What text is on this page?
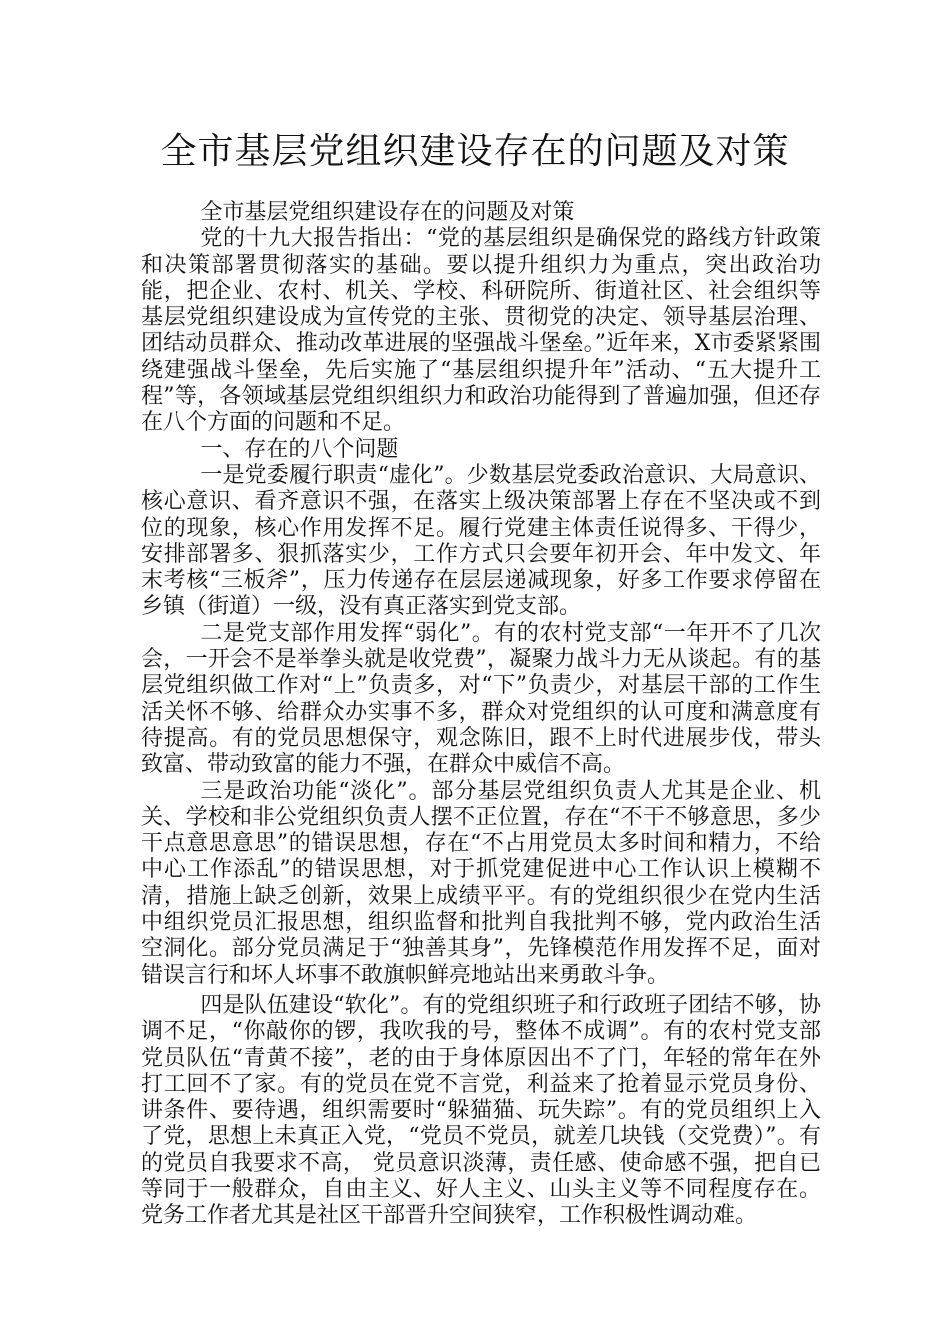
全市基层党组织建设存在的问题及对策

全市基层党组织建设存在的问题及对策

党的十九大报告指出：“党的基层组织是确保党的路线方针政策和决策部署贯彻落实的基础。要以提升组织力为重点，突出政治功能，把企业、农村、机关、学校、科研院所、街道社区、社会组织等基层党组织建设成为宣传党的主张、贯彻党的决定、领导基层治理、团结动员群众、推动改革进展的坚强战斗堡垒。”近年来，X市委紧紧围绕建强战斗堡垒，先后实施了“基层组织提升年”活动、“五大提升工程”等，各领域基层党组织组织力和政治功能得到了普遍加强，但还存在八个方面的问题和不足。

一、存在的八个问题

一是党委履行职责“虚化”。少数基层党委政治意识、大局意识、核心意识、看齐意识不强，在落实上级决策部署上存在不坚决或不到位的现象，核心作用发挥不足。履行党建主体责任说得多、干得少，安排部署多、狠抓落实少，工作方式只会要年初开会、年中发文、年末考核“三板斧”，压力传递存在层层递减现象，好多工作要求停留在乡镇（街道）一级，没有真正落实到党支部。

二是党支部作用发挥“弱化”。有的农村党支部“一年开不了几次会，一开会不是举拳头就是收党费”，凝聚力战斗力无从谈起。有的基层党组织做工作对“上”负责多，对“下”负责少，对基层干部的工作生活关怀不够、给群众办实事不多，群众对党组织的认可度和满意度有待提高。有的党员思想保守，观念陈旧，跟不上时代进展步伐，带头致富、带动致富的能力不强，在群众中威信不高。

三是政治功能“淡化”。部分基层党组织负责人尤其是企业、机关、学校和非公党组织负责人摆不正位置，存在“不干不够意思，多少干点意思意思”的错误思想，存在“不占用党员太多时间和精力，不给中心工作添乱”的错误思想，对于抓党建促进中心工作认识上模糊不清，措施上缺乏创新，效果上成绩平平。有的党组织很少在党内生活中组织党员汇报思想，组织监督和批判自我批判不够，党内政治生活空洞化。部分党员满足于“独善其身”，先锋模范作用发挥不足，面对错误言行和坏人坏事不敢旗帜鲜亮地站出来勇敢斗争。

四是队伍建设“软化”。有的党组织班子和行政班子团结不够，协调不足，“你敲你的锣，我吹我的号，整体不成调”。有的农村党支部党员队伍“青黄不接”，老的由于身体原因出不了门，年轻的常年在外打工回不了家。有的党员在党不言党，利益来了抢着显示党员身份、讲条件、要待遇，组织需要时“躲猫猫、玩失踪”。有的党员组织上入了党，思想上未真正入党，“党员不党员，就差几块钱（交党费）”。有的党员自我要求不高， 党员意识淡薄，责任感、使命感不强，把自已等同于一般群众，自由主义、好人主义、山头主义等不同程度存在。党务工作者尤其是社区干部晋升空间狭窄，工作积极性调动难。
